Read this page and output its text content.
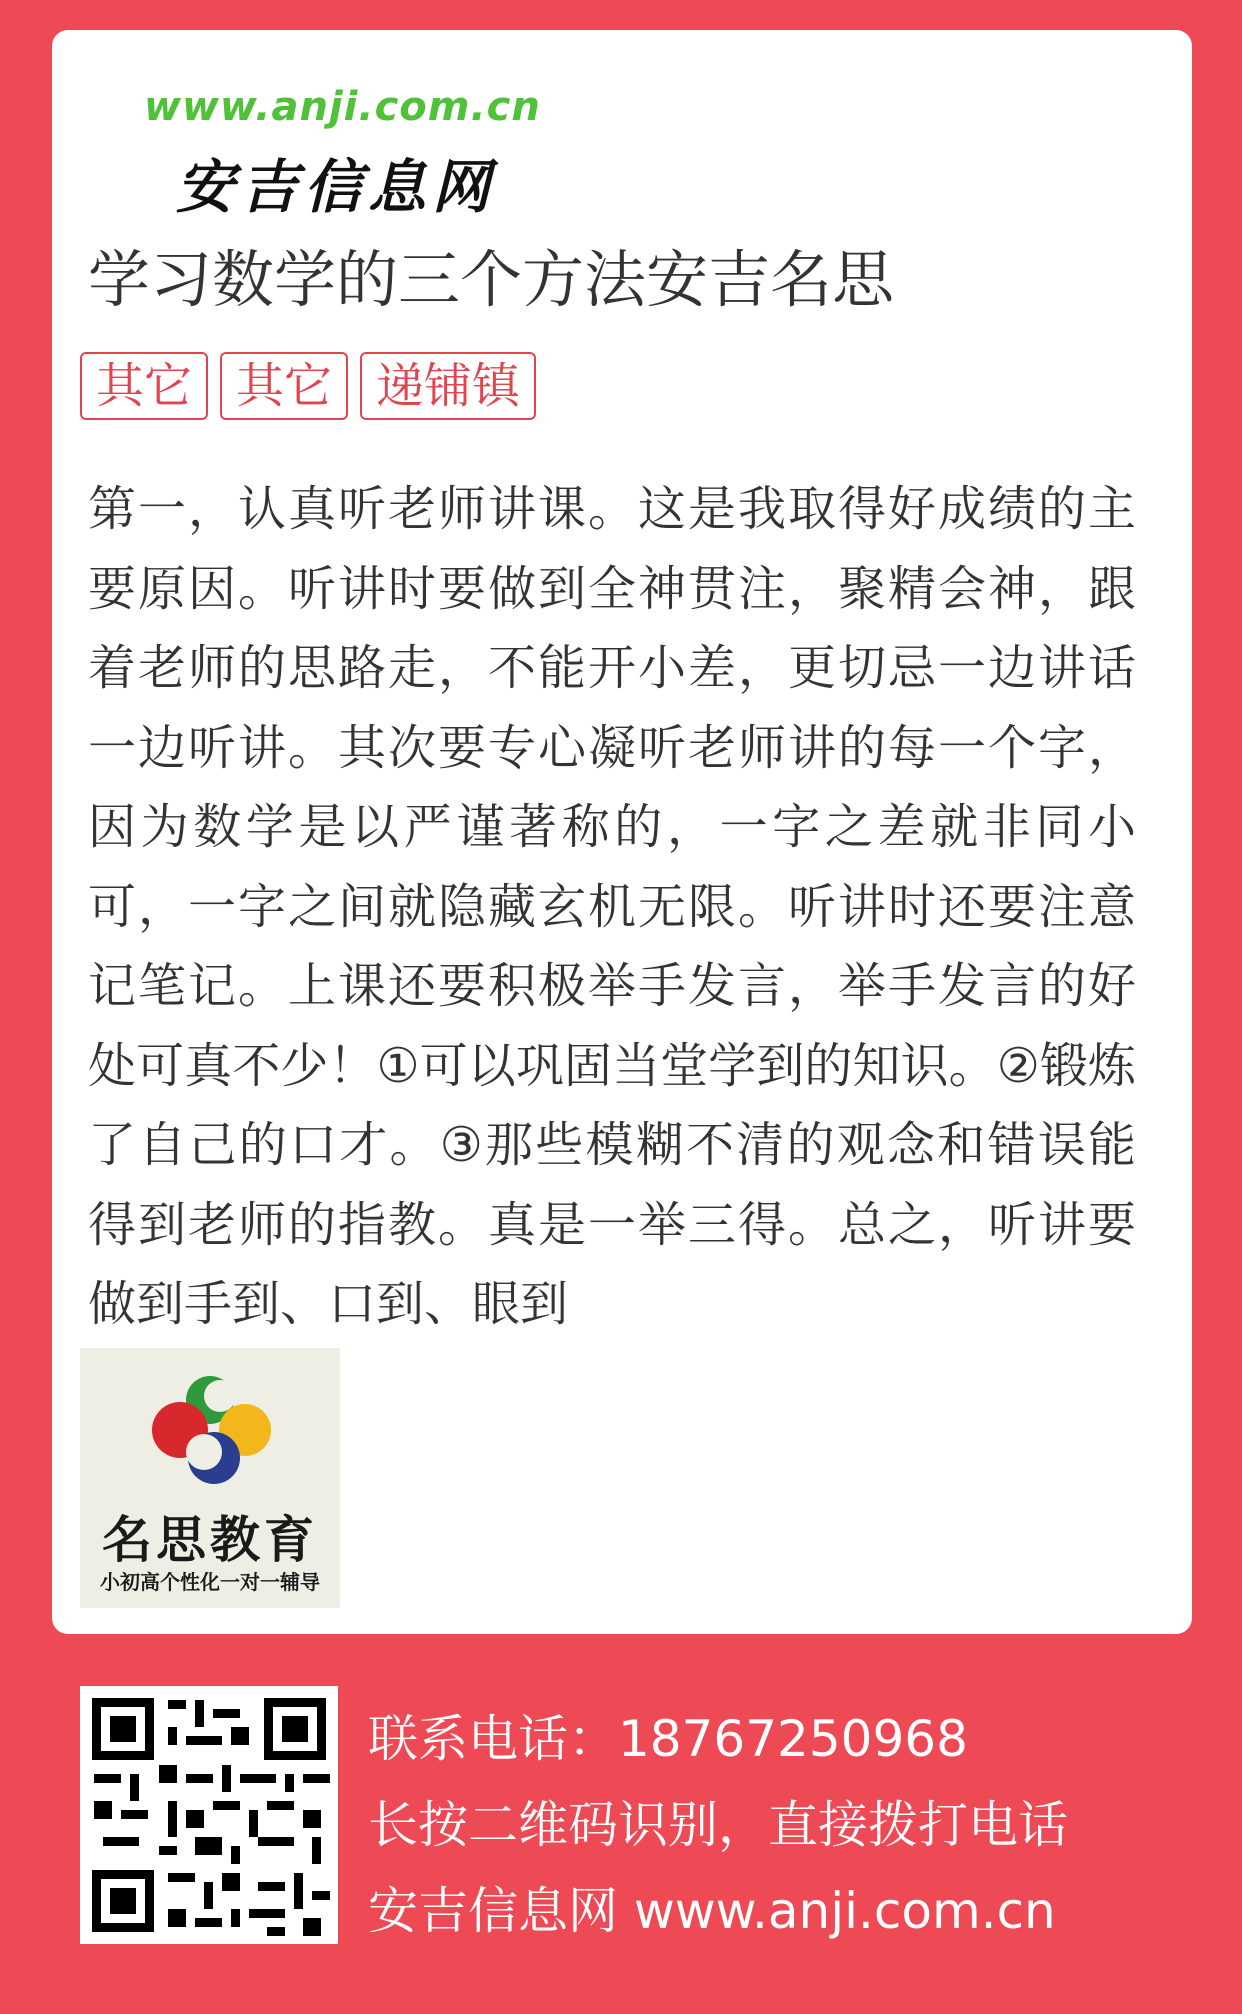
www.anji.com.cn
安吉信息网
学习数学的三个方法安吉名思
其它 其它 递铺镇

第一，认真听老师讲课。这是我取得好成绩的主要原因。听讲时要做到全神贯注，聚精会神，跟着老师的思路走，不能开小差，更切忌一边讲话一边听讲。其次要专心凝听老师讲的每一个字，因为数学是以严谨著称的，一字之差就非同小可，一字之间就隐藏玄机无限。听讲时还要注意记笔记。上课还要积极举手发言，举手发言的好处可真不少！①可以巩固当堂学到的知识。②锻炼了自己的口才。③那些模糊不清的观念和错误能得到老师的指教。真是一举三得。总之，听讲要做到手到、口到、眼到

名思教育
小初高个性化一对一辅导
联系电话：18767250968
长按二维码识别，直接拨打电话
安吉信息网 www.anji.com.cn
